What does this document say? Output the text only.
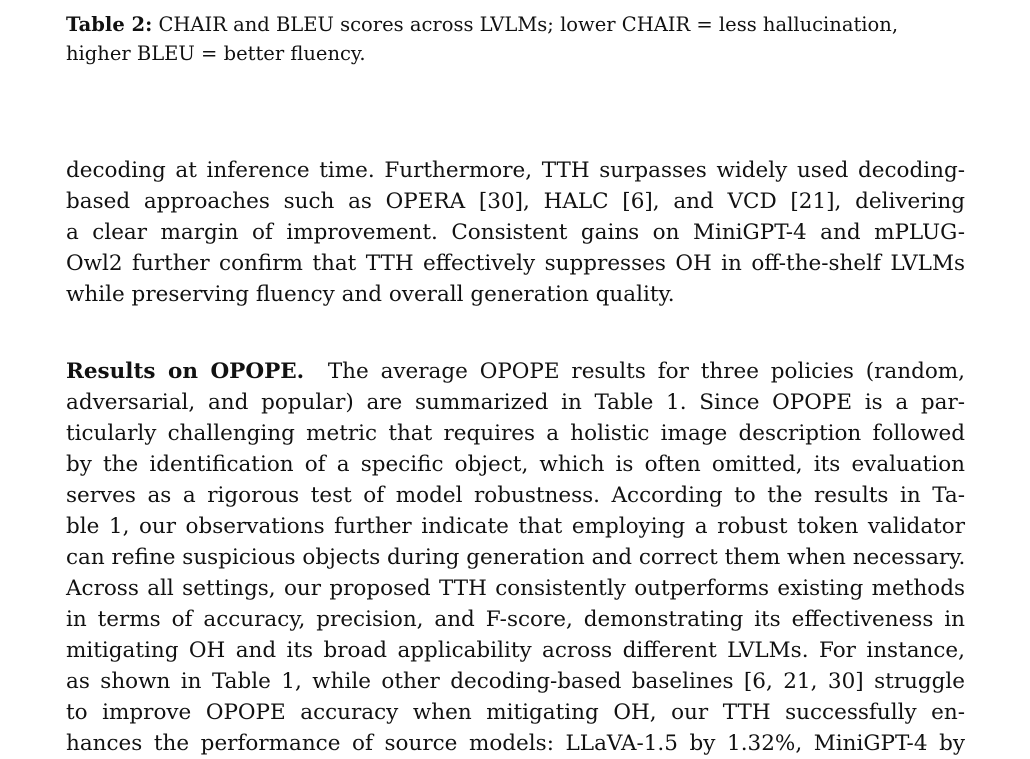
Table 2: CHAIR and BLEU scores across LVLMs; lower CHAIR = less hallucination,
higher BLEU = better fluency.
decoding at inference time. Furthermore, TTH surpasses widely used decoding-
based approaches such as OPERA [30], HALC [6], and VCD [21], delivering
a clear margin of improvement. Consistent gains on MiniGPT-4 and mPLUG-
Owl2 further confirm that TTH effectively suppresses OH in off-the-shelf LVLMs
while preserving fluency and overall generation quality.
Results on OPOPE. The average OPOPE results for three policies (random,
adversarial, and popular) are summarized in Table 1. Since OPOPE is a par-
ticularly challenging metric that requires a holistic image description followed
by the identification of a specific object, which is often omitted, its evaluation
serves as a rigorous test of model robustness. According to the results in Ta-
ble 1, our observations further indicate that employing a robust token validator
can refine suspicious objects during generation and correct them when necessary.
Across all settings, our proposed TTH consistently outperforms existing methods
in terms of accuracy, precision, and F-score, demonstrating its effectiveness in
mitigating OH and its broad applicability across different LVLMs. For instance,
as shown in Table 1, while other decoding-based baselines [6, 21, 30] struggle
to improve OPOPE accuracy when mitigating OH, our TTH successfully en-
hances the performance of source models: LLaVA-1.5 by 1.32%, MiniGPT-4 by
